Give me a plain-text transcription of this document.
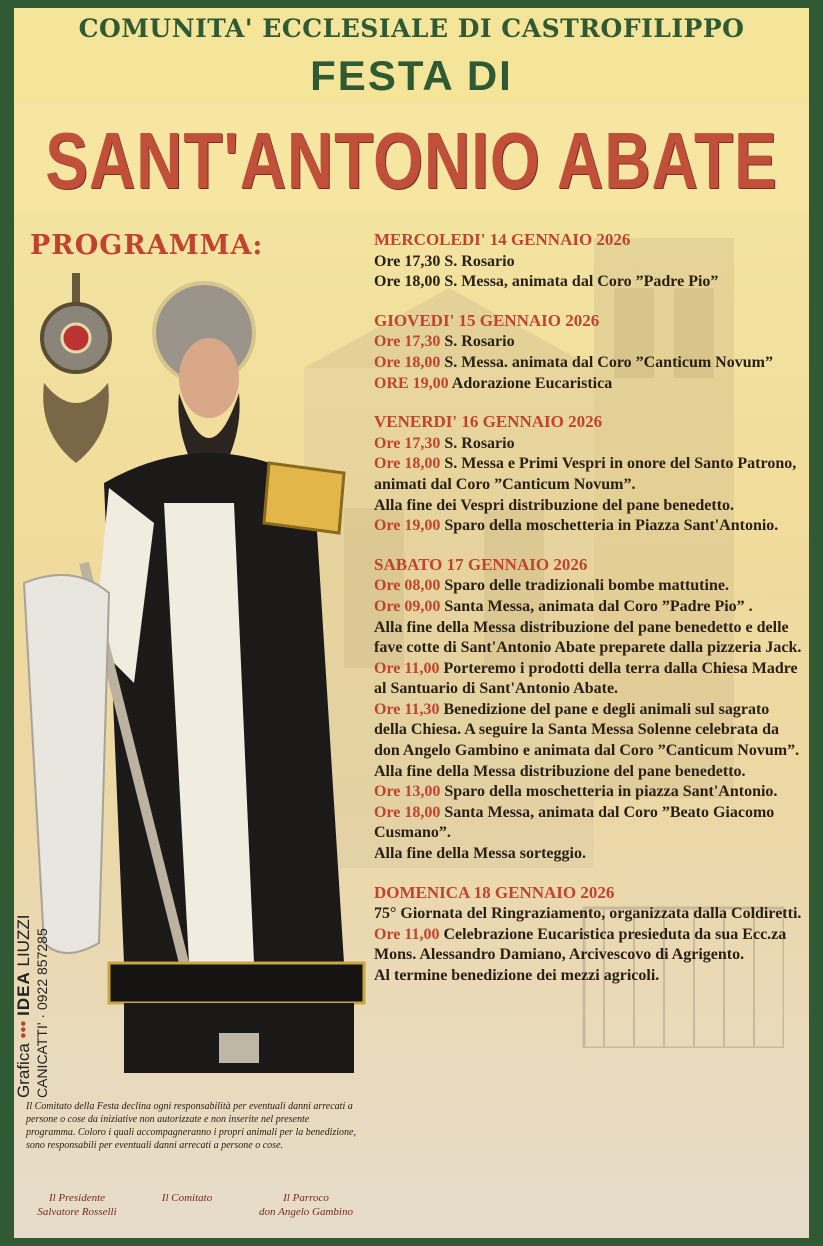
COMUNITA' ECCLESIALE DI CASTROFILIPPO
FESTA DI
SANT'ANTONIO ABATE
PROGRAMMA:
Grafica ••• IDEA LIUZZI
CANICATTI' · 0922 857285
MERCOLEDI' 14 GENNAIO 2026
Ore 17,30 S. Rosario
Ore 18,00 S. Messa, animata dal Coro ”Padre Pio”
GIOVEDI' 15 GENNAIO 2026
Ore 17,30 S. Rosario
Ore 18,00 S. Messa. animata dal Coro ”Canticum Novum”
ORE 19,00 Adorazione Eucaristica
VENERDI' 16 GENNAIO 2026
Ore 17,30 S. Rosario
Ore 18,00 S. Messa e Primi Vespri in onore del Santo Patrono, animati dal Coro ”Canticum Novum”.
Alla fine dei Vespri distribuzione del pane benedetto.
Ore 19,00 Sparo della moschetteria in Piazza Sant'Antonio.
SABATO 17 GENNAIO 2026
Ore 08,00 Sparo delle tradizionali bombe mattutine.
Ore 09,00 Santa Messa, animata dal Coro ”Padre Pio” .
Alla fine della Messa distribuzione del pane benedetto e delle fave cotte di Sant'Antonio Abate preparete dalla pizzeria Jack.
Ore 11,00 Porteremo i prodotti della terra dalla Chiesa Madre al Santuario di Sant'Antonio Abate.
Ore 11,30 Benedizione del pane e degli animali sul sagrato della Chiesa. A seguire la Santa Messa Solenne celebrata da don Angelo Gambino e animata dal Coro ”Canticum Novum”.
Alla fine della Messa distribuzione del pane benedetto.
Ore 13,00 Sparo della moschetteria in piazza Sant'Antonio.
Ore 18,00 Santa Messa, animata dal Coro ”Beato Giacomo Cusmano”.
Alla fine della Messa sorteggio.
DOMENICA 18 GENNAIO 2026
75° Giornata del Ringraziamento, organizzata dalla Coldiretti.
Ore 11,00 Celebrazione Eucaristica presieduta da sua Ecc.za Mons. Alessandro Damiano, Arcivescovo di Agrigento.
Al termine benedizione dei mezzi agricoli.
Il Comitato della Festa declina ogni responsabilità per eventuali danni arrecati a persone o cose da iniziative non autorizzate e non inserite nel presente programma. Coloro i quali accompagneranno i propri animali per la benedizione, sono responsabili per eventuali danni arrecati a persone o cose.
Il Presidente
Salvatore Rosselli
Il Comitato	Il Parroco
don Angelo Gambino
